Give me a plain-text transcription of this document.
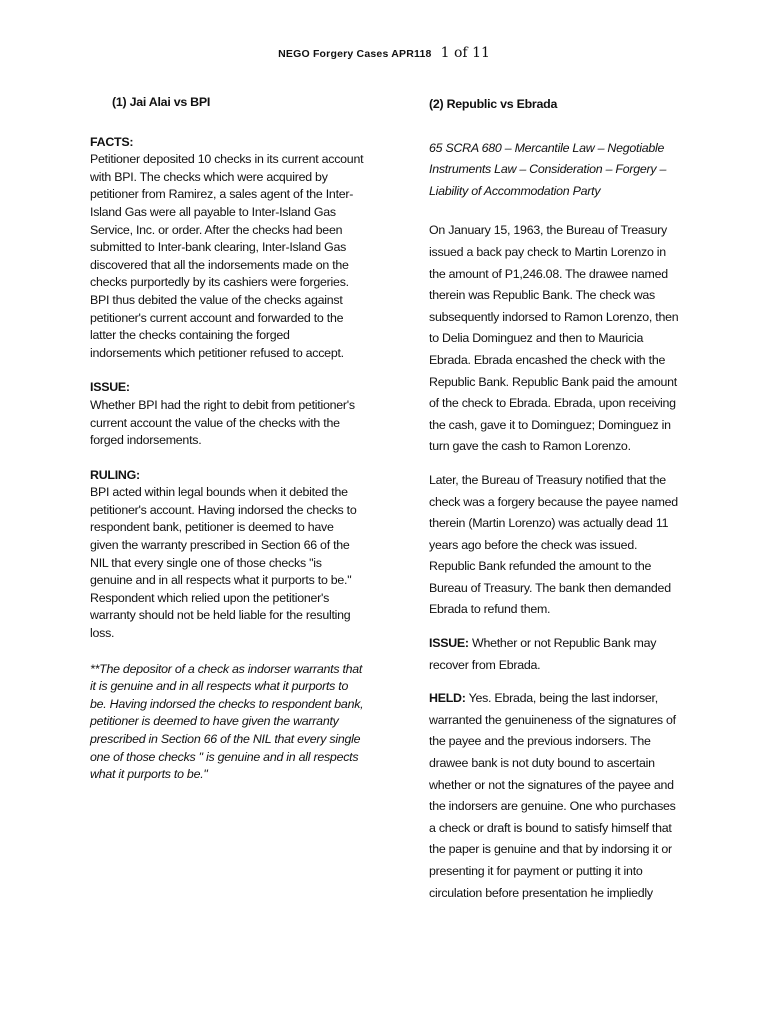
NEGO Forgery Cases APR118 1 of 11
(1) Jai Alai vs BPI
FACTS:

Petitioner deposited 10 checks in its current account with BPI. The checks which were acquired by petitioner from Ramirez, a sales agent of the Inter-Island Gas were all payable to Inter-Island Gas Service, Inc. or order. After the checks had been submitted to Inter-bank clearing, Inter-Island Gas discovered that all the indorsements made on the checks purportedly by its cashiers were forgeries. BPI thus debited the value of the checks against petitioner's current account and forwarded to the latter the checks containing the forged indorsements which petitioner refused to accept.

ISSUE:

Whether BPI had the right to debit from petitioner's current account the value of the checks with the forged indorsements.

RULING:

BPI acted within legal bounds when it debited the petitioner's account. Having indorsed the checks to respondent bank, petitioner is deemed to have given the warranty prescribed in Section 66 of the NIL that every single one of those checks "is genuine and in all respects what it purports to be." Respondent which relied upon the petitioner's warranty should not be held liable for the resulting loss.

**The depositor of a check as indorser warrants that it is genuine and in all respects what it purports to be. Having indorsed the checks to respondent bank, petitioner is deemed to have given the warranty prescribed in Section 66 of the NIL that every single one of those checks " is genuine and in all respects what it purports to be."

(2) Republic vs Ebrada

65 SCRA 680 – Mercantile Law – Negotiable Instruments Law – Consideration – Forgery – Liability of Accommodation Party

On January 15, 1963, the Bureau of Treasury issued a back pay check to Martin Lorenzo in the amount of P1,246.08. The drawee named therein was Republic Bank. The check was subsequently indorsed to Ramon Lorenzo, then to Delia Dominguez and then to Mauricia Ebrada. Ebrada encashed the check with the Republic Bank. Republic Bank paid the amount of the check to Ebrada. Ebrada, upon receiving the cash, gave it to Dominguez; Dominguez in turn gave the cash to Ramon Lorenzo.

Later, the Bureau of Treasury notified that the check was a forgery because the payee named therein (Martin Lorenzo) was actually dead 11 years ago before the check was issued. Republic Bank refunded the amount to the Bureau of Treasury. The bank then demanded Ebrada to refund them.

ISSUE: Whether or not Republic Bank may recover from Ebrada.

HELD: Yes. Ebrada, being the last indorser, warranted the genuineness of the signatures of the payee and the previous indorsers. The drawee bank is not duty bound to ascertain whether or not the signatures of the payee and the indorsers are genuine. One who purchases a check or draft is bound to satisfy himself that the paper is genuine and that by indorsing it or presenting it for payment or putting it into circulation before presentation he impliedly
